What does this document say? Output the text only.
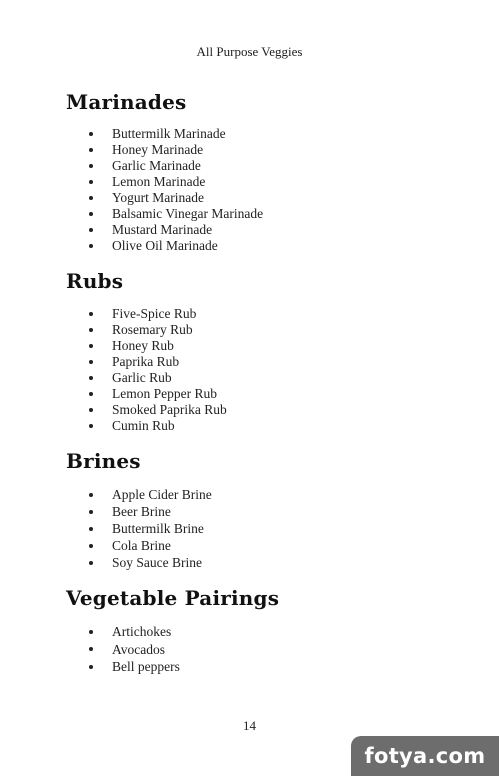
All Purpose Veggies
Marinades
Buttermilk Marinade
Honey Marinade
Garlic Marinade
Lemon Marinade
Yogurt Marinade
Balsamic Vinegar Marinade
Mustard Marinade
Olive Oil Marinade
Rubs
Five-Spice Rub
Rosemary Rub
Honey Rub
Paprika Rub
Garlic Rub
Lemon Pepper Rub
Smoked Paprika Rub
Cumin Rub
Brines
Apple Cider Brine
Beer Brine
Buttermilk Brine
Cola Brine
Soy Sauce Brine
Vegetable Pairings
Artichokes
Avocados
Bell peppers
14
fotya.com
